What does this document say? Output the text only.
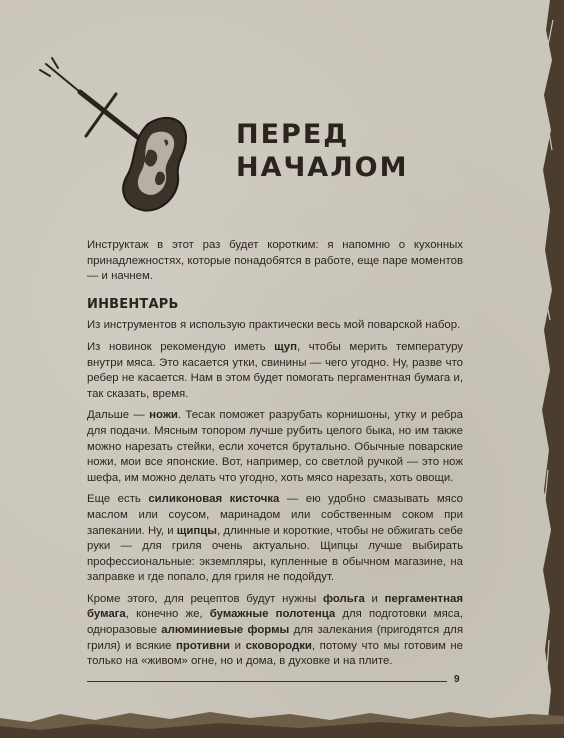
ПЕРЕД
НАЧАЛОМ

Инструктаж в этот раз будет коротким: я напомню о кухонных принадлежностях, которые понадобятся в работе, еще паре моментов — и начнем.

ИНВЕНТАРЬ

Из инструментов я использую практически весь мой поварской набор.

Из новинок рекомендую иметь щуп, чтобы мерить температуру внутри мяса. Это касается утки, свинины — чего угодно. Ну, разве что ребер не касается. Нам в этом будет помогать пергаментная бумага и, так сказать, время.

Дальше — ножи. Тесак поможет разрубать корнишоны, утку и ребра для подачи. Мясным топором лучше рубить целого быка, но им также можно нарезать стейки, если хочется брутально. Обычные поварские ножи, мои все японские. Вот, например, со светлой ручкой — это нож шефа, им можно делать что угодно, хоть мясо нарезать, хоть овощи.

Еще есть силиконовая кисточка — ею удобно смазывать мясо маслом или соусом, маринадом или собственным соком при запекании. Ну, и щипцы, длинные и короткие, чтобы не обжигать себе руки — для гриля очень актуально. Щипцы лучше выбирать профессиональные: экземпляры, купленные в обычном магазине, на заправке и где попало, для гриля не подойдут.

Кроме этого, для рецептов будут нужны фольга и пергаментная бумага, конечно же, бумажные полотенца для подготовки мяса, одноразовые алюминиевые формы для залекания (пригодятся для гриля) и всякие противни и сковородки, потому что мы готовим не только на «живом» огне, но и дома, в духовке и на плите.

9
